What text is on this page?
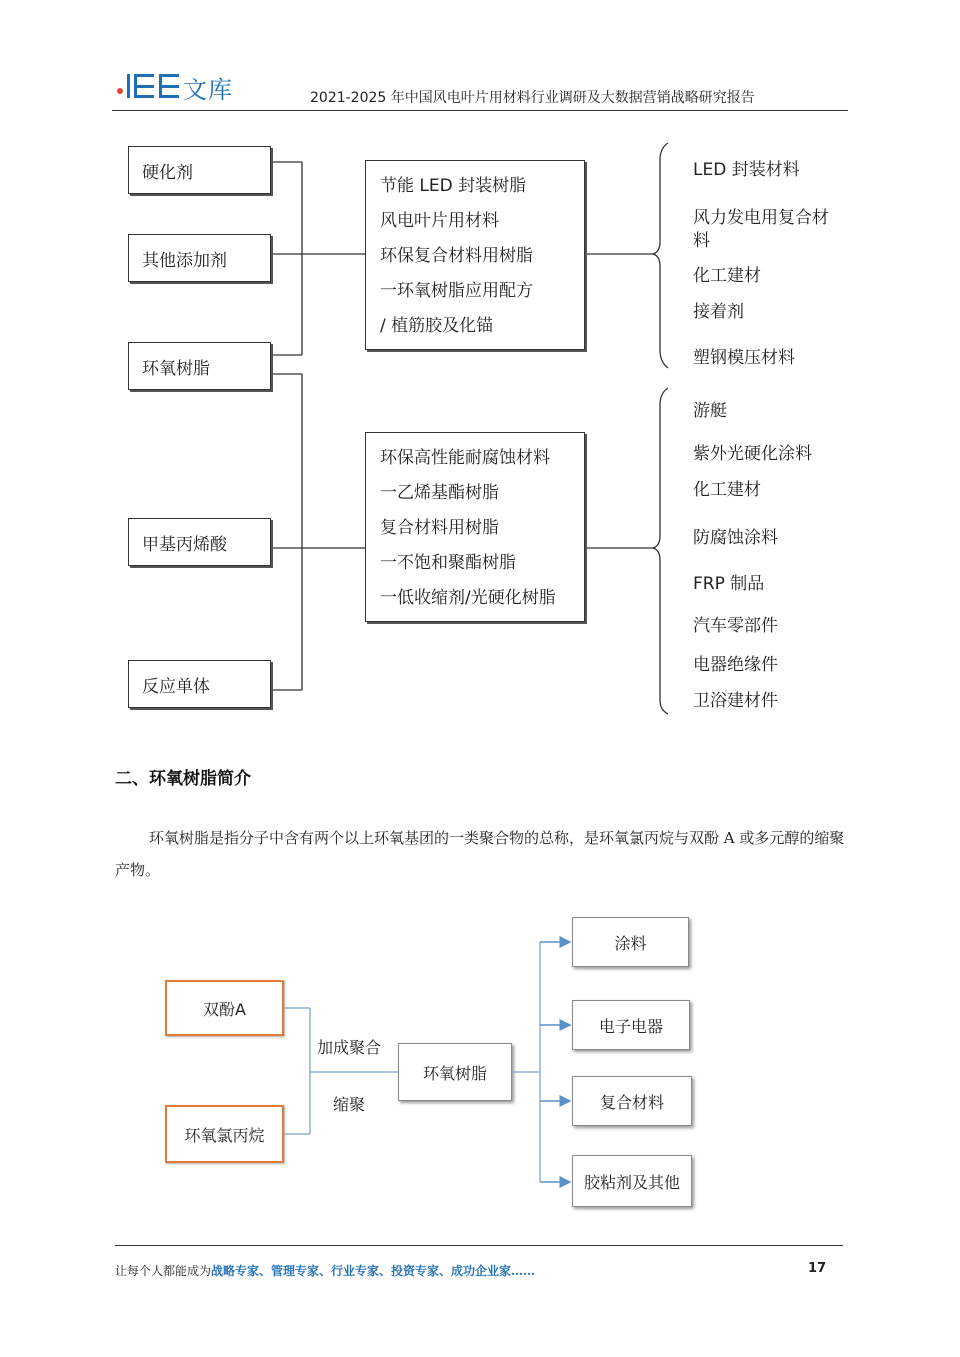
文库	2021-2025 年中国风电叶片用材料行业调研及大数据营销战略研究报告
硬化剂
其他添加剂
环氧树脂
甲基丙烯酸
反应单体
节能 LED 封装树脂
风电叶片用材料
环保复合材料用树脂
一环氧树脂应用配方
/ 植筋胶及化锚
环保高性能耐腐蚀材料
一乙烯基酯树脂
复合材料用树脂
一不饱和聚酯树脂
一低收缩剂/光硬化树脂
LED 封装材料
风力发电用复合材
料
化工建材
接着剂
塑钢模压材料
游艇
紫外光硬化涂料
化工建材
防腐蚀涂料
FRP 制品
汽车零部件
电器绝缘件
卫浴建材件
二、环氧树脂简介
环氧树脂是指分子中含有两个以上环氧基团的一类聚合物的总称，是环氧氯丙烷与双酚 A 或多元醇的缩聚产物。
双酚A
环氧氯丙烷
加成聚合
缩聚
环氧树脂
涂料
电子电器
复合材料
胶粘剂及其他
让每个人都能成为战略专家、管理专家、行业专家、投资专家、成功企业家……	17
